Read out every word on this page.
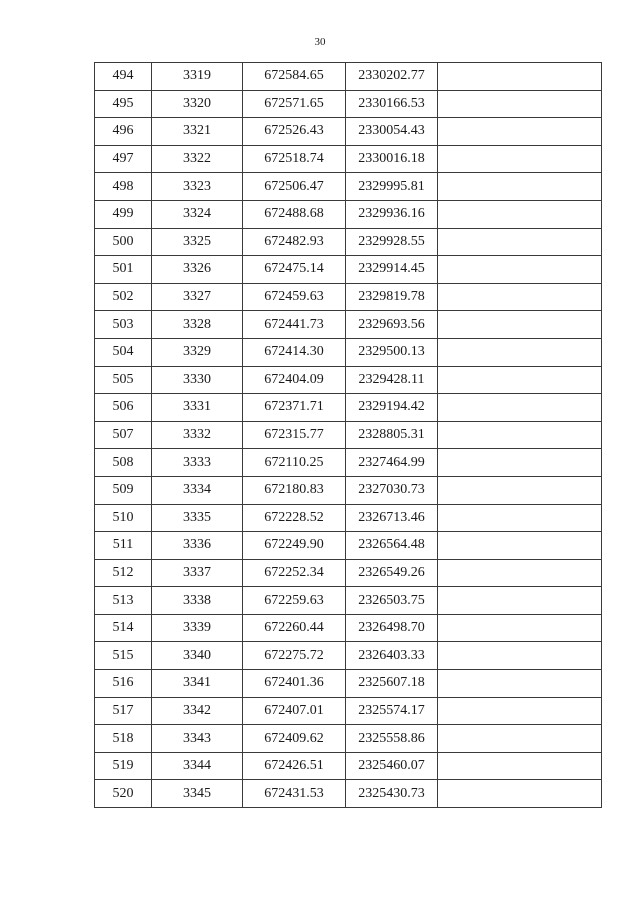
30
494	3319	672584.65	2330202.77	
495	3320	672571.65	2330166.53	
496	3321	672526.43	2330054.43	
497	3322	672518.74	2330016.18	
498	3323	672506.47	2329995.81	
499	3324	672488.68	2329936.16	
500	3325	672482.93	2329928.55	
501	3326	672475.14	2329914.45	
502	3327	672459.63	2329819.78	
503	3328	672441.73	2329693.56	
504	3329	672414.30	2329500.13	
505	3330	672404.09	2329428.11	
506	3331	672371.71	2329194.42	
507	3332	672315.77	2328805.31	
508	3333	672110.25	2327464.99	
509	3334	672180.83	2327030.73	
510	3335	672228.52	2326713.46	
511	3336	672249.90	2326564.48	
512	3337	672252.34	2326549.26	
513	3338	672259.63	2326503.75	
514	3339	672260.44	2326498.70	
515	3340	672275.72	2326403.33	
516	3341	672401.36	2325607.18	
517	3342	672407.01	2325574.17	
518	3343	672409.62	2325558.86	
519	3344	672426.51	2325460.07	
520	3345	672431.53	2325430.73	
